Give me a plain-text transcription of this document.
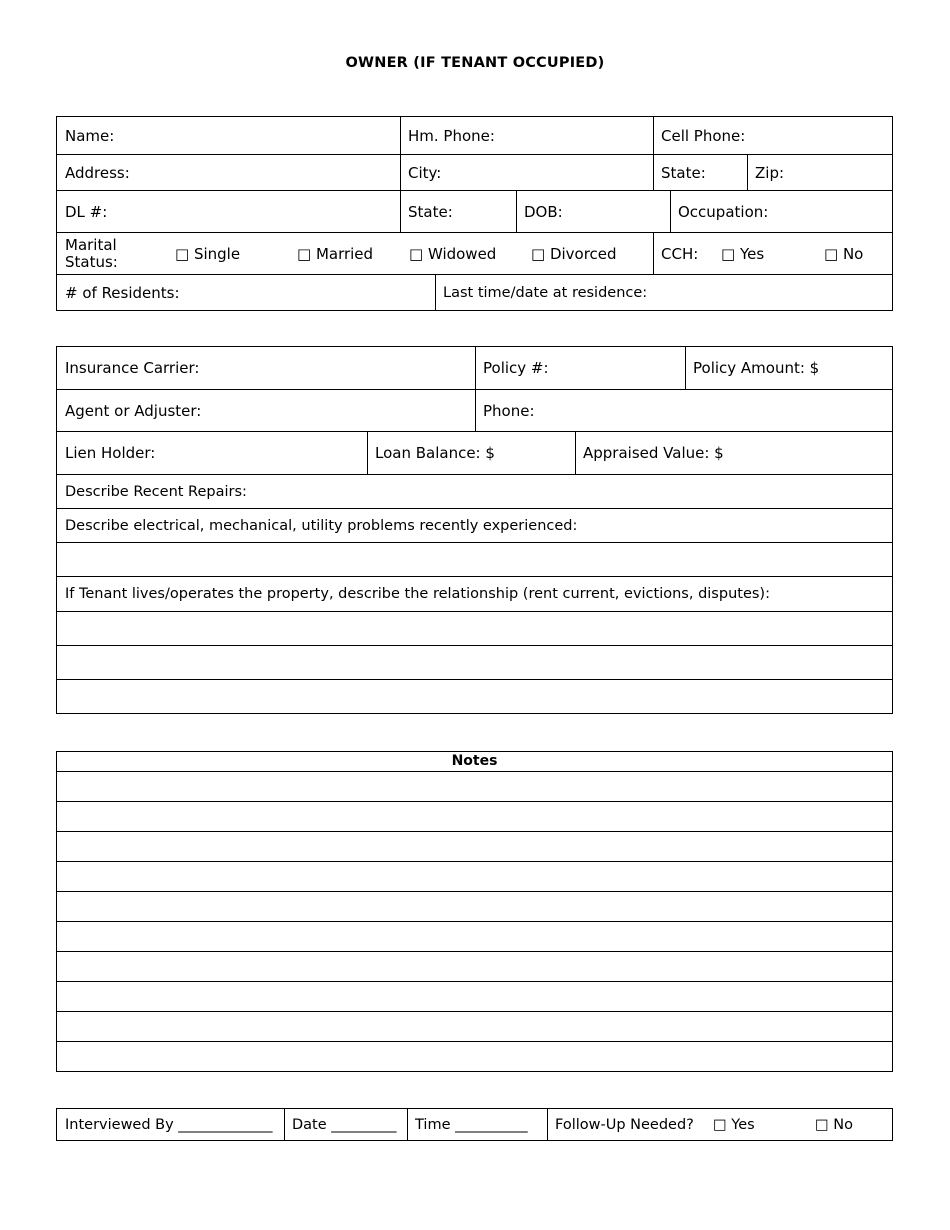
OWNER (IF TENANT OCCUPIED)
Name:	Hm. Phone:	Cell Phone:
Address:	City:	State:	Zip:
DL #:	State:	DOB:	Occupation:
Marital Status:	□ Single	□ Married	□ Widowed	□ Divorced	CCH:	□ Yes	□ No
# of Residents:	Last time/date at residence:
Insurance Carrier:	Policy #:	Policy Amount: $
Agent or Adjuster:	Phone:
Lien Holder:	Loan Balance: $	Appraised Value: $
Describe Recent Repairs:
Describe electrical, mechanical, utility problems recently experienced:
If Tenant lives/operates the property, describe the relationship (rent current, evictions, disputes):
Notes
Interviewed By _____________	Date _________	Time __________	Follow-Up Needed?	□ Yes	□ No
